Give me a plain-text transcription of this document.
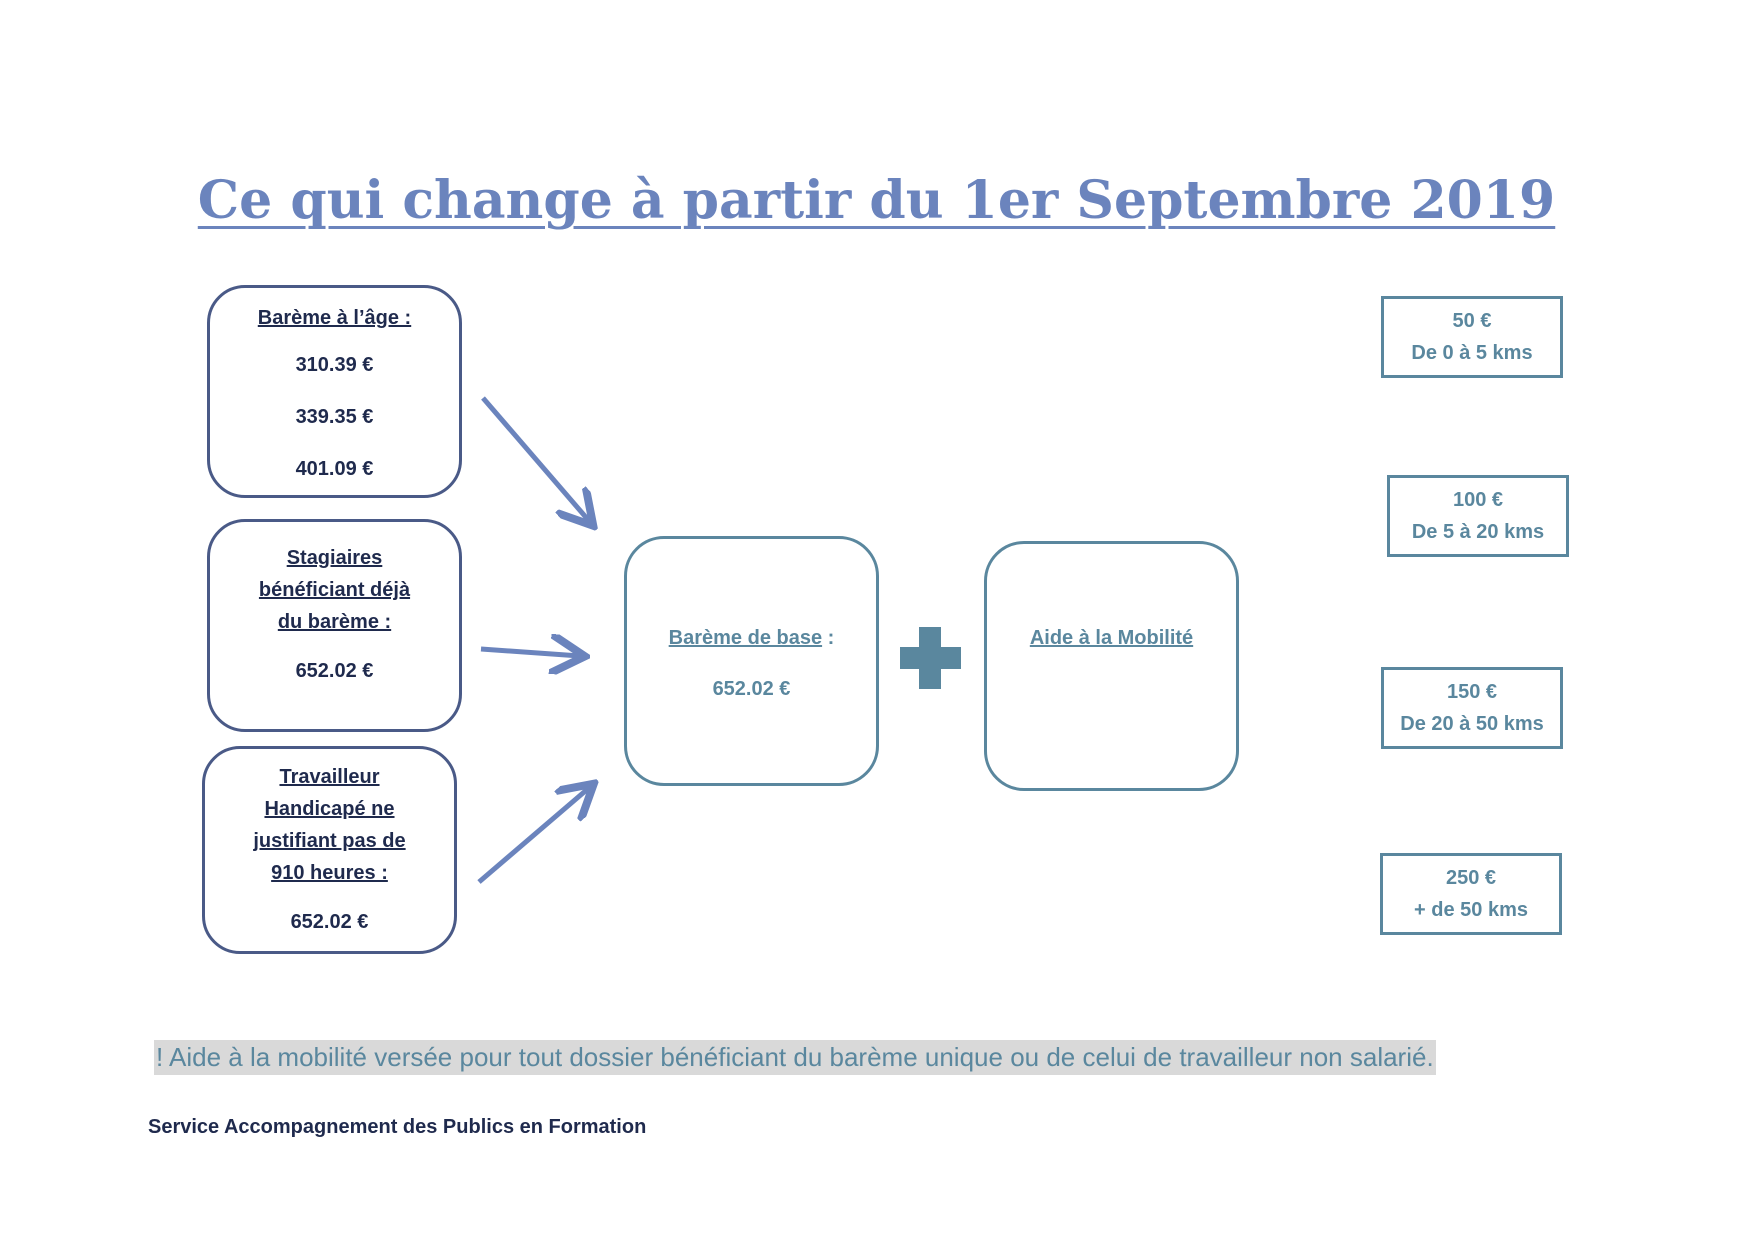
Ce qui change à partir du 1er Septembre 2019
Barème à l’âge :
310.39 €
339.35 €
401.09 €
Stagiaires
bénéficiant déjà
du barème :
652.02 €
Travailleur
Handicapé ne
justifiant pas de
910 heures :
652.02 €
Barème de base :
652.02 €
Aide à la Mobilité
50 €
De 0 à 5 kms
100 €
De 5 à 20 kms
150 €
De 20 à 50 kms
250 €
+ de 50 kms
! Aide à la mobilité versée pour tout dossier bénéficiant du barème unique ou de celui de travailleur non salarié.
Service Accompagnement des Publics en Formation
